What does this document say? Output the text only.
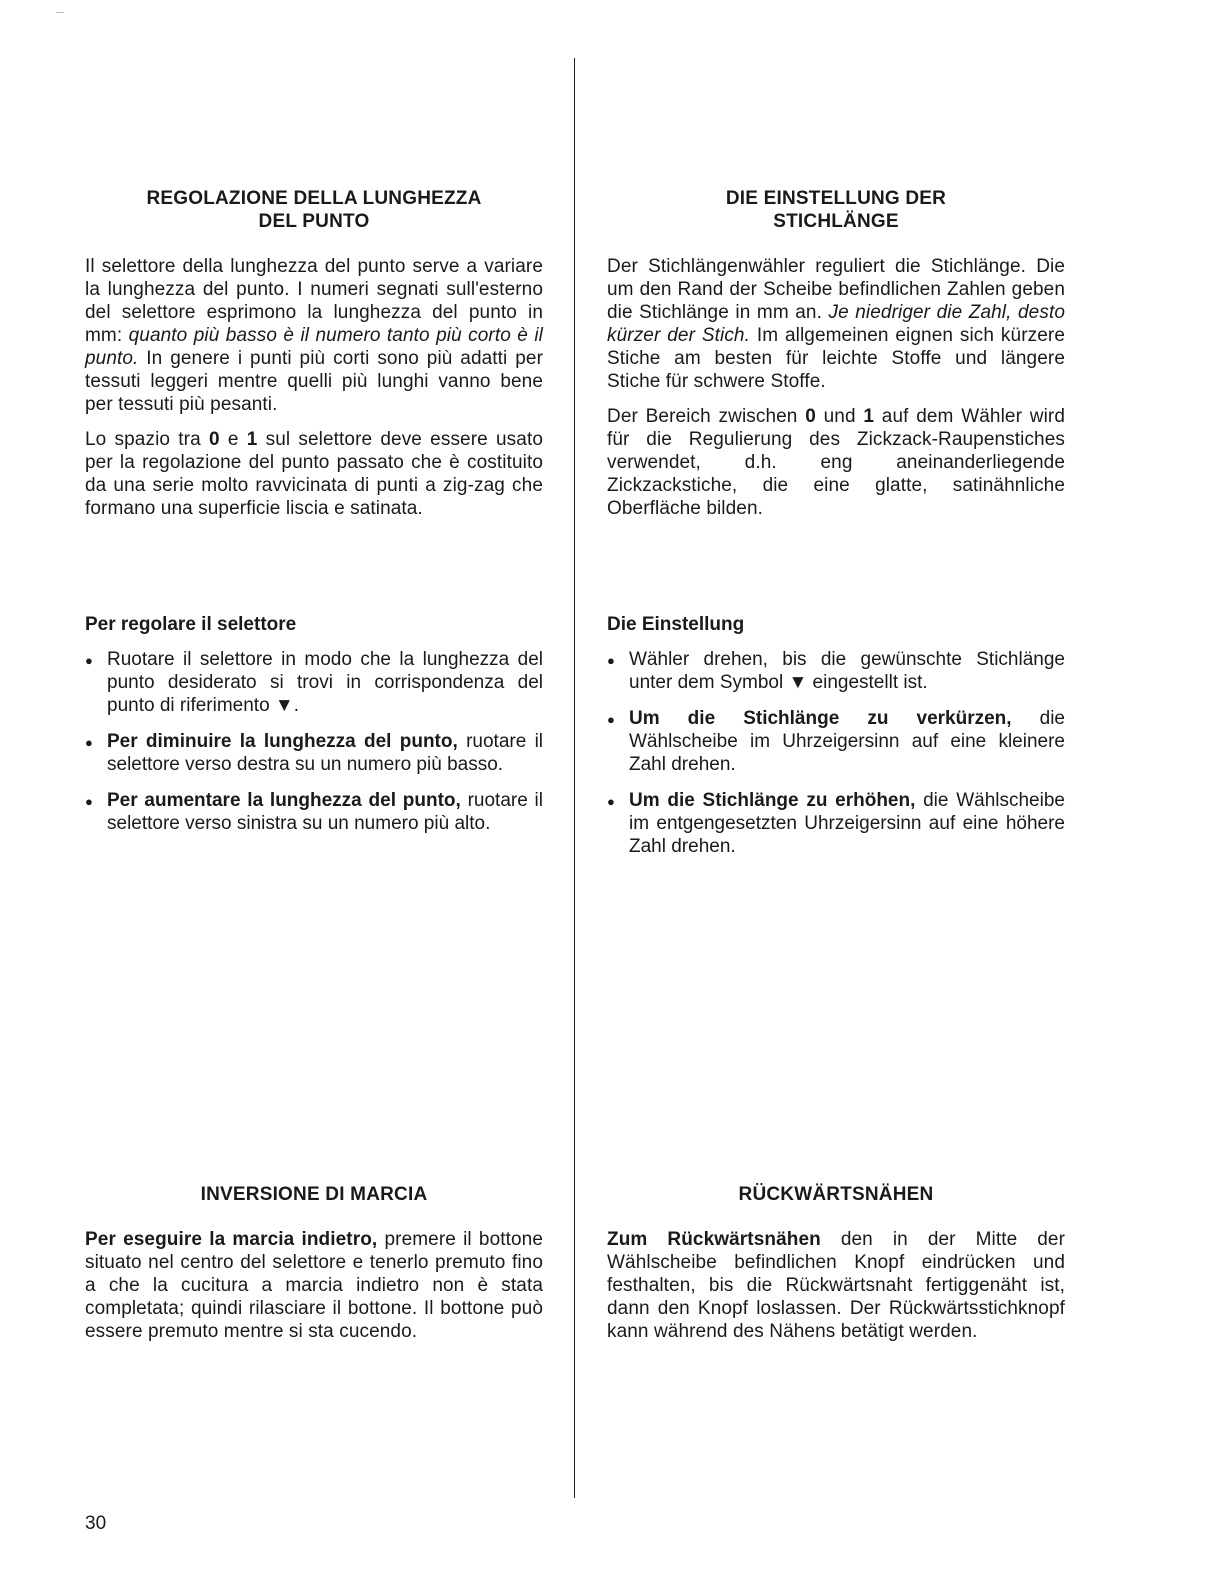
REGOLAZIONE DELLA LUNGHEZZA
DEL PUNTO

Il selettore della lunghezza del punto serve a variare la lunghezza del punto. I numeri segnati sull'esterno del selettore esprimono la lunghezza del punto in mm: quanto più basso è il numero tanto più corto è il punto. In genere i punti più corti sono più adatti per tessuti leggeri mentre quelli più lunghi vanno bene per tessuti più pesanti.

Lo spazio tra 0 e 1 sul selettore deve essere usato per la regolazione del punto passato che è costituito da una serie molto ravvicinata di punti a zig-zag che formano una superficie liscia e satinata.

Per regolare il selettore
● Ruotare il selettore in modo che la lunghezza del punto desiderato si trovi in corrispondenza del punto di riferimento ▼.
● Per diminuire la lunghezza del punto, ruotare il selettore verso destra su un numero più basso.
● Per aumentare la lunghezza del punto, ruotare il selettore verso sinistra su un numero più alto.
INVERSIONE DI MARCIA

Per eseguire la marcia indietro, premere il bottone situato nel centro del selettore e tenerlo premuto fino a che la cucitura a marcia indietro non è stata completata; quindi rilasciare il bottone. Il bottone può essere premuto mentre si sta cucendo.

DIE EINSTELLUNG DER
STICHLÄNGE

Der Stichlängenwähler reguliert die Stichlänge. Die um den Rand der Scheibe befindlichen Zahlen geben die Stichlänge in mm an. Je niedriger die Zahl, desto kürzer der Stich. Im allgemeinen eignen sich kürzere Stiche am besten für leichte Stoffe und längere Stiche für schwere Stoffe.

Der Bereich zwischen 0 und 1 auf dem Wähler wird für die Regulierung des Zickzack-Raupenstiches verwendet, d.h. eng aneinanderliegende Zickzackstiche, die eine glatte, satinähnliche Oberfläche bilden.

Die Einstellung
● Wähler drehen, bis die gewünschte Stichlänge unter dem Symbol ▼ eingestellt ist.
● Um die Stichlänge zu verkürzen, die Wählscheibe im Uhrzeigersinn auf eine kleinere Zahl drehen.
● Um die Stichlänge zu erhöhen, die Wählscheibe im entgengesetzten Uhrzeigersinn auf eine höhere Zahl drehen.
RÜCKWÄRTSNÄHEN

Zum Rückwärtsnähen den in der Mitte der Wählscheibe befindlichen Knopf eindrücken und festhalten, bis die Rückwärtsnaht fertiggenäht ist, dann den Knopf loslassen. Der Rückwärtsstichknopf kann während des Nähens betätigt werden.

30
